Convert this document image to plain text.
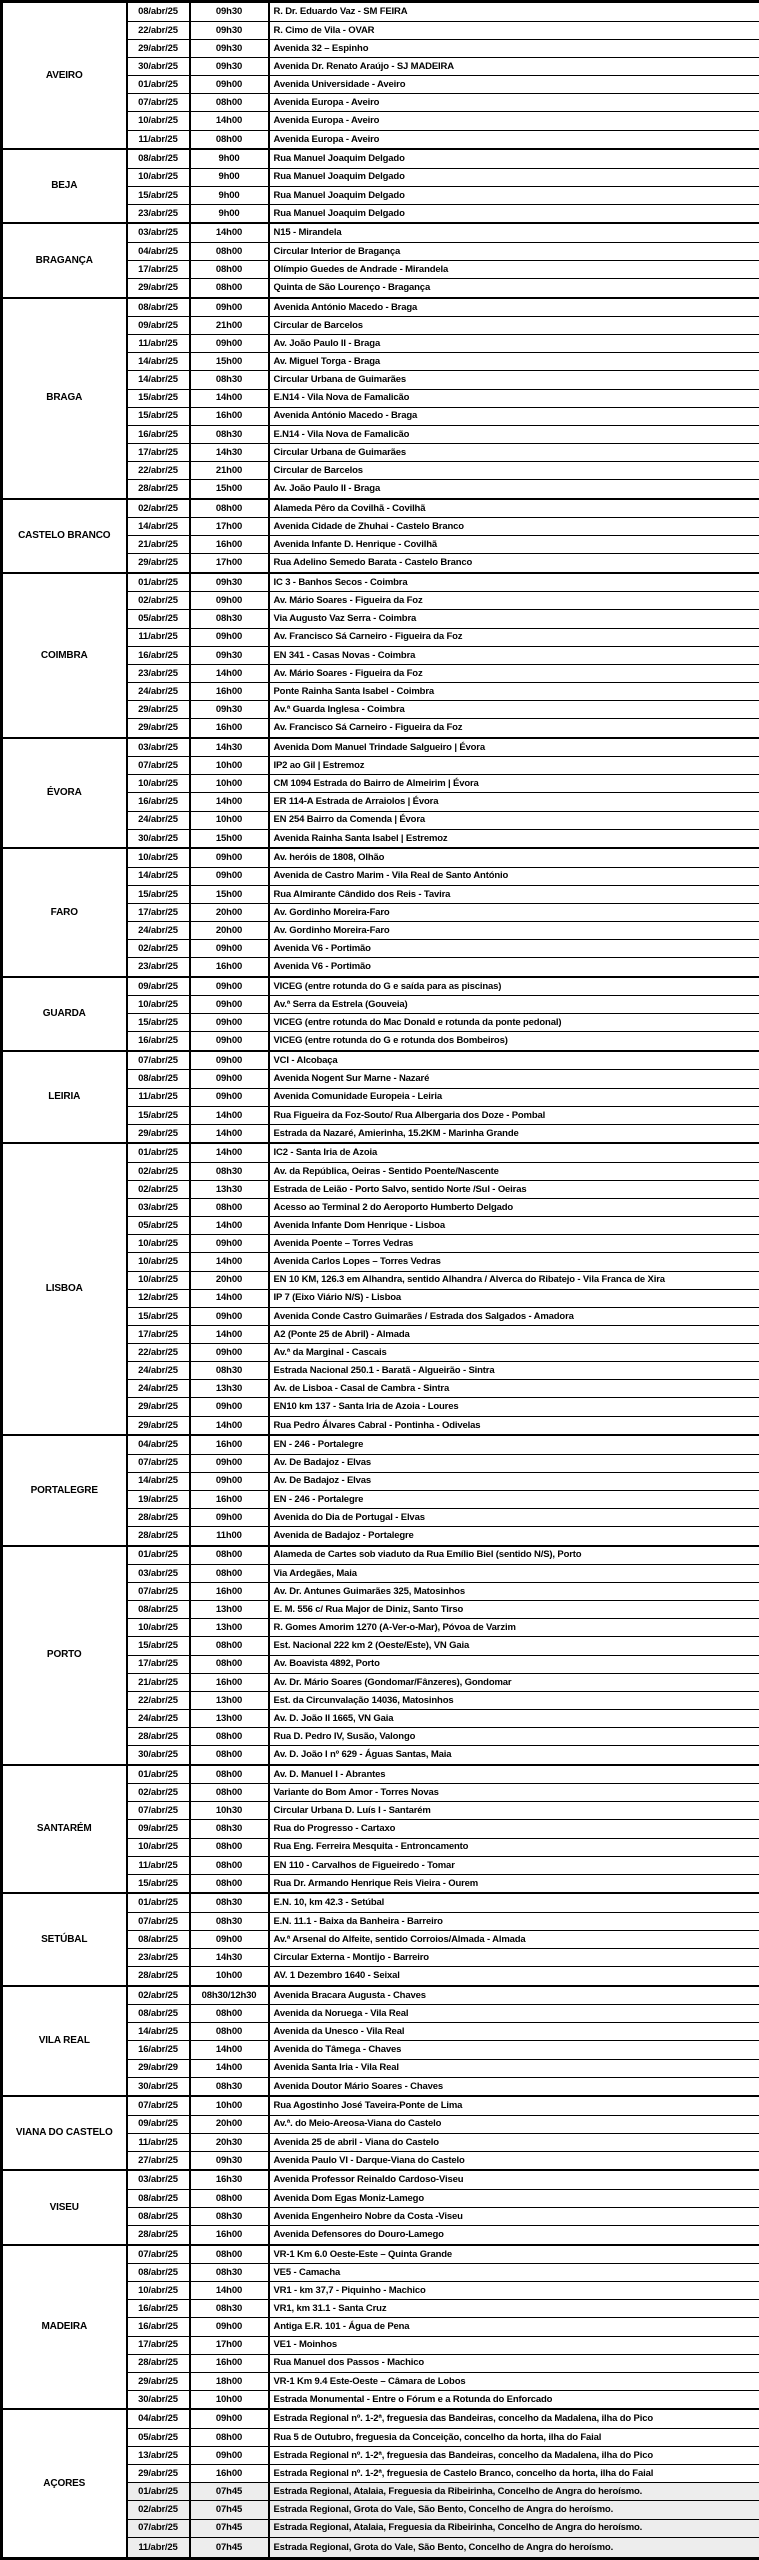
AVEIRO	08/abr/25	09h30	R. Dr. Eduardo Vaz - SM FEIRA
	22/abr/25	09h30	R. Cimo de Vila - OVAR
	29/abr/25	09h30	Avenida 32 – Espinho
	30/abr/25	09h30	Avenida Dr. Renato Araújo - SJ MADEIRA
	01/abr/25	09h00	Avenida Universidade - Aveiro
	07/abr/25	08h00	Avenida Europa - Aveiro
	10/abr/25	14h00	Avenida Europa - Aveiro
	11/abr/25	08h00	Avenida Europa - Aveiro
BEJA	08/abr/25	9h00	Rua Manuel Joaquim Delgado
	10/abr/25	9h00	Rua Manuel Joaquim Delgado
	15/abr/25	9h00	Rua Manuel Joaquim Delgado
	23/abr/25	9h00	Rua Manuel Joaquim Delgado
BRAGANÇA	03/abr/25	14h00	N15 - Mirandela
	04/abr/25	08h00	Circular Interior de Bragança
	17/abr/25	08h00	Olímpio Guedes de Andrade - Mirandela
	29/abr/25	08h00	Quinta de São Lourenço - Bragança
BRAGA	08/abr/25	09h00	Avenida António Macedo - Braga
	09/abr/25	21h00	Circular de Barcelos
	11/abr/25	09h00	Av. João Paulo II - Braga
	14/abr/25	15h00	Av. Miguel Torga - Braga
	14/abr/25	08h30	Circular Urbana de Guimarães
	15/abr/25	14h00	E.N14 - Vila Nova de Famalicão
	15/abr/25	16h00	Avenida António Macedo - Braga
	16/abr/25	08h30	E.N14 - Vila Nova de Famalicão
	17/abr/25	14h30	Circular Urbana de Guimarães
	22/abr/25	21h00	Circular de Barcelos
	28/abr/25	15h00	Av. João Paulo II - Braga
CASTELO BRANCO	02/abr/25	08h00	Alameda Pêro da Covilhã - Covilhã
	14/abr/25	17h00	Avenida Cidade de Zhuhai - Castelo Branco
	21/abr/25	16h00	Avenida Infante D. Henrique - Covilhã
	29/abr/25	17h00	Rua Adelino Semedo Barata - Castelo Branco
COIMBRA	01/abr/25	09h30	IC 3 - Banhos Secos - Coimbra
	02/abr/25	09h00	Av. Mário Soares - Figueira da Foz
	05/abr/25	08h30	Via Augusto Vaz Serra - Coimbra
	11/abr/25	09h00	Av. Francisco Sá Carneiro - Figueira da Foz
	16/abr/25	09h30	EN 341 - Casas Novas - Coimbra
	23/abr/25	14h00	Av. Mário Soares - Figueira da Foz
	24/abr/25	16h00	Ponte Rainha Santa Isabel - Coimbra
	29/abr/25	09h30	Av.ª Guarda Inglesa - Coimbra
	29/abr/25	16h00	Av. Francisco Sá Carneiro - Figueira da Foz
ÉVORA	03/abr/25	14h30	Avenida Dom Manuel Trindade Salgueiro | Évora
	07/abr/25	10h00	IP2 ao Gil | Estremoz
	10/abr/25	10h00	CM 1094 Estrada do Bairro de Almeirim | Évora
	16/abr/25	14h00	ER 114-A Estrada de Arraiolos | Évora
	24/abr/25	10h00	EN 254 Bairro da Comenda | Évora
	30/abr/25	15h00	Avenida Rainha Santa Isabel | Estremoz
FARO	10/abr/25	09h00	Av. heróis de 1808, Olhão
	14/abr/25	09h00	Avenida de Castro Marim - Vila Real de Santo António
	15/abr/25	15h00	Rua Almirante Cândido dos Reis - Tavira
	17/abr/25	20h00	Av. Gordinho Moreira-Faro
	24/abr/25	20h00	Av. Gordinho Moreira-Faro
	02/abr/25	09h00	Avenida V6 - Portimão
	23/abr/25	16h00	Avenida V6 - Portimão
GUARDA	09/abr/25	09h00	VICEG (entre rotunda do G e saída para as piscinas)
	10/abr/25	09h00	Av.ª Serra da Estrela (Gouveia)
	15/abr/25	09h00	VICEG (entre rotunda do Mac Donald e rotunda da ponte pedonal)
	16/abr/25	09h00	VICEG (entre rotunda do G e rotunda dos Bombeiros)
LEIRIA	07/abr/25	09h00	VCI - Alcobaça
	08/abr/25	09h00	Avenida Nogent Sur Marne - Nazaré
	11/abr/25	09h00	Avenida Comunidade Europeia - Leiria
	15/abr/25	14h00	Rua Figueira da Foz-Souto/ Rua Albergaria dos Doze - Pombal
	29/abr/25	14h00	Estrada da Nazaré, Amierinha, 15.2KM - Marinha Grande
LISBOA	01/abr/25	14h00	IC2 - Santa Iria de Azoia
	02/abr/25	08h30	Av. da República, Oeiras - Sentido Poente/Nascente
	02/abr/25	13h30	Estrada de Leião - Porto Salvo, sentido Norte /Sul - Oeiras
	03/abr/25	08h00	Acesso ao Terminal 2 do Aeroporto Humberto Delgado
	05/abr/25	14h00	Avenida Infante Dom Henrique - Lisboa
	10/abr/25	09h00	Avenida Poente – Torres Vedras
	10/abr/25	14h00	Avenida Carlos Lopes – Torres Vedras
	10/abr/25	20h00	EN 10 KM, 126.3 em Alhandra, sentido Alhandra / Alverca do Ribatejo - Vila Franca de Xira
	12/abr/25	14h00	IP 7 (Eixo Viário N/S) - Lisboa
	15/abr/25	09h00	Avenida Conde Castro Guimarães / Estrada dos Salgados - Amadora
	17/abr/25	14h00	A2 (Ponte 25 de Abril) - Almada
	22/abr/25	09h00	Av.ª da Marginal - Cascais
	24/abr/25	08h30	Estrada Nacional 250.1 - Baratã - Algueirão - Sintra
	24/abr/25	13h30	Av. de Lisboa - Casal de Cambra - Sintra
	29/abr/25	09h00	EN10 km 137 - Santa Iria de Azoia - Loures
	29/abr/25	14h00	Rua Pedro Álvares Cabral - Pontinha - Odivelas
PORTALEGRE	04/abr/25	16h00	EN - 246 - Portalegre
	07/abr/25	09h00	Av. De Badajoz - Elvas
	14/abr/25	09h00	Av. De Badajoz - Elvas
	19/abr/25	16h00	EN - 246 - Portalegre
	28/abr/25	09h00	Avenida do Dia de Portugal - Elvas
	28/abr/25	11h00	Avenida de Badajoz - Portalegre
PORTO	01/abr/25	08h00	Alameda de Cartes sob viaduto da Rua Emílio Biel (sentido N/S), Porto
	03/abr/25	08h00	Via Ardegães, Maia
	07/abr/25	16h00	Av. Dr. Antunes Guimarães 325, Matosinhos
	08/abr/25	13h00	E. M. 556 c/ Rua Major de Diniz, Santo Tirso
	10/abr/25	13h00	R. Gomes Amorim 1270 (A-Ver-o-Mar), Póvoa de Varzim
	15/abr/25	08h00	Est. Nacional 222 km 2 (Oeste/Este), VN Gaia
	17/abr/25	08h00	Av. Boavista 4892, Porto
	21/abr/25	16h00	Av. Dr. Mário Soares (Gondomar/Fânzeres), Gondomar
	22/abr/25	13h00	Est. da Circunvalação 14036, Matosinhos
	24/abr/25	13h00	Av. D. João II 1665, VN Gaia
	28/abr/25	08h00	Rua D. Pedro IV, Susão, Valongo
	30/abr/25	08h00	Av. D. João I nº 629 - Águas Santas, Maia
SANTARÉM	01/abr/25	08h00	Av. D. Manuel I - Abrantes
	02/abr/25	08h00	Variante do Bom Amor - Torres Novas
	07/abr/25	10h30	Circular Urbana D. Luís I - Santarém
	09/abr/25	08h30	Rua do Progresso - Cartaxo
	10/abr/25	08h00	Rua Eng. Ferreira Mesquita - Entroncamento
	11/abr/25	08h00	EN 110 - Carvalhos de Figueiredo - Tomar
	15/abr/25	08h00	Rua Dr. Armando Henrique Reis Vieira - Ourem
SETÚBAL	01/abr/25	08h30	E.N. 10, km 42.3 - Setúbal
	07/abr/25	08h30	E.N. 11.1 - Baixa da Banheira - Barreiro
	08/abr/25	09h00	Av.ª Arsenal do Alfeite, sentido Corroios/Almada - Almada
	23/abr/25	14h30	Circular Externa - Montijo - Barreiro
	28/abr/25	10h00	AV. 1 Dezembro 1640 - Seixal
VILA REAL	02/abr/25	08h30/12h30	Avenida Bracara Augusta - Chaves
	08/abr/25	08h00	Avenida da Noruega - Vila Real
	14/abr/25	08h00	Avenida da Unesco - Vila Real
	16/abr/25	14h00	Avenida do Tâmega - Chaves
	29/abr/29	14h00	Avenida Santa Iria - Vila Real
	30/abr/25	08h30	Avenida Doutor Mário Soares - Chaves
VIANA DO CASTELO	07/abr/25	10h00	Rua Agostinho José Taveira-Ponte de Lima
	09/abr/25	20h00	Av.ª. do Meio-Areosa-Viana do Castelo
	11/abr/25	20h30	Avenida 25 de abril - Viana do Castelo
	27/abr/25	09h30	Avenida Paulo VI - Darque-Viana do Castelo
VISEU	03/abr/25	16h30	Avenida Professor Reinaldo Cardoso-Viseu
	08/abr/25	08h00	Avenida Dom Egas Moniz-Lamego
	08/abr/25	08h30	Avenida Engenheiro Nobre da Costa -Viseu
	28/abr/25	16h00	Avenida Defensores do Douro-Lamego
MADEIRA	07/abr/25	08h00	VR-1 Km 6.0 Oeste-Este – Quinta Grande
	08/abr/25	08h30	VE5 - Camacha
	10/abr/25	14h00	VR1 - km 37,7 - Piquinho - Machico
	16/abr/25	08h30	VR1, km 31.1 - Santa Cruz
	16/abr/25	09h00	Antiga E.R. 101 - Água de Pena
	17/abr/25	17h00	VE1 - Moinhos
	28/abr/25	16h00	Rua Manuel dos Passos - Machico
	29/abr/25	18h00	VR-1 Km 9.4 Este-Oeste – Câmara de Lobos
	30/abr/25	10h00	Estrada Monumental - Entre o Fórum e a Rotunda do Enforcado
AÇORES	04/abr/25	09h00	Estrada Regional nº. 1-2ª, freguesia das Bandeiras, concelho da Madalena, ilha do Pico
	05/abr/25	08h00	Rua 5 de Outubro, freguesia da Conceição, concelho da horta, ilha do Faial
	13/abr/25	09h00	Estrada Regional nº. 1-2ª, freguesia das Bandeiras, concelho da Madalena, ilha do Pico
	29/abr/25	16h00	Estrada Regional nº. 1-2ª, freguesia de Castelo Branco, concelho da horta, ilha do Faial
	01/abr/25	07h45	Estrada Regional, Atalaia, Freguesia da Ribeirinha, Concelho de Angra do heroísmo.
	02/abr/25	07h45	Estrada Regional, Grota do Vale, São Bento, Concelho de Angra do heroísmo.
	07/abr/25	07h45	Estrada Regional, Atalaia, Freguesia da Ribeirinha, Concelho de Angra do heroísmo.
	11/abr/25	07h45	Estrada Regional, Grota do Vale, São Bento, Concelho de Angra do heroísmo.
